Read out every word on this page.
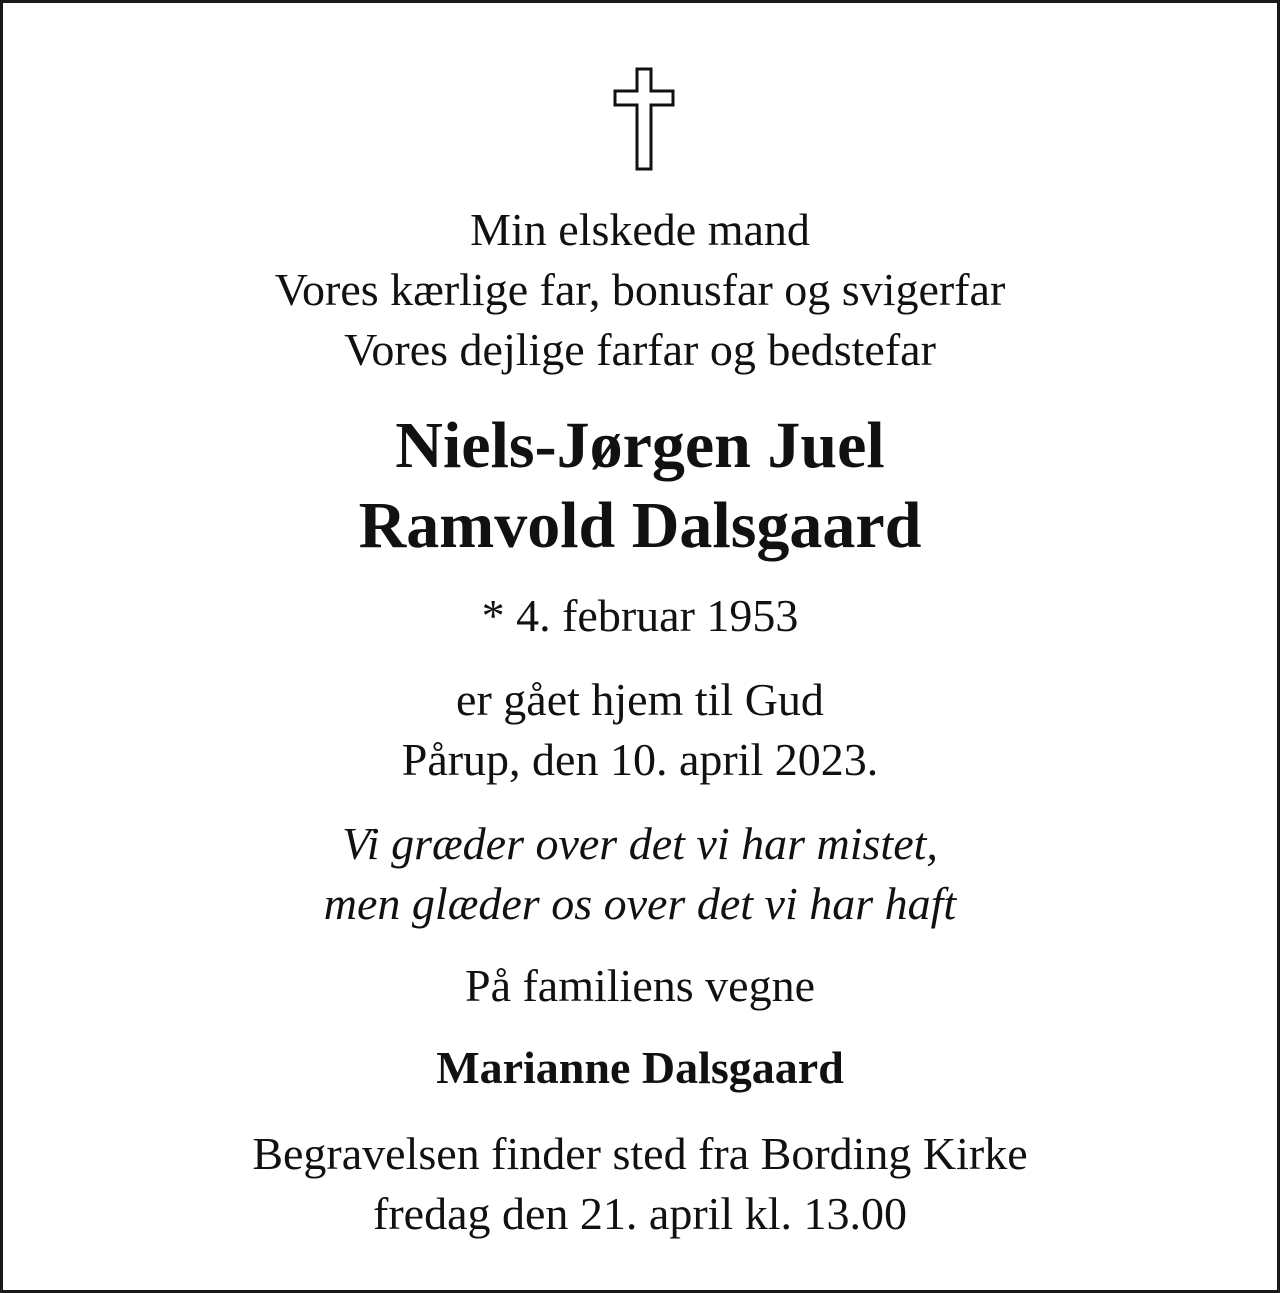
Min elskede mand
Vores kærlige far, bonusfar og svigerfar
Vores dejlige farfar og bedstefar
Niels-Jørgen Juel
Ramvold Dalsgaard
* 4. februar 1953
er gået hjem til Gud
Pårup, den 10. april 2023.
Vi græder over det vi har mistet,
men glæder os over det vi har haft
På familiens vegne
Marianne Dalsgaard
Begravelsen finder sted fra Bording Kirke
fredag den 21. april kl. 13.00
